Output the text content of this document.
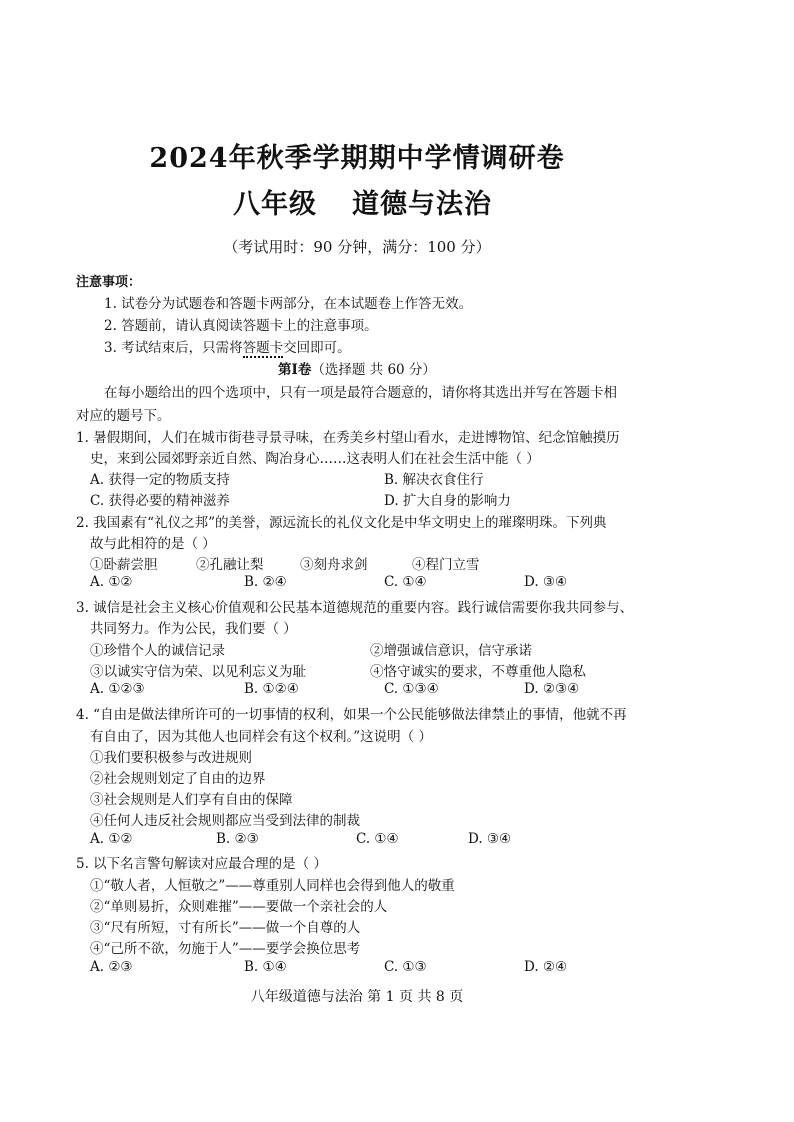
2024年秋季学期期中学情调研卷
八年级 道德与法治
（考试用时：90 分钟，满分：100 分）
注意事项：
1. 试卷分为试题卷和答题卡两部分，在本试题卷上作答无效。
2. 答题前，请认真阅读答题卡上的注意事项。
3. 考试结束后，只需将答题卡交回即可。
第Ⅰ卷（选择题 共 60 分）
在每小题给出的四个选项中，只有一项是最符合题意的，请你将其选出并写在答题卡相
对应的题号下。
1. 暑假期间，人们在城市街巷寻景寻味，在秀美乡村望山看水，走进博物馆、纪念馆触摸历
史，来到公园郊野亲近自然、陶冶身心……这表明人们在社会生活中能（ ）
A. 获得一定的物质支持	B. 解决衣食住行
C. 获得必要的精神滋养	D. 扩大自身的影响力
2. 我国素有“礼仪之邦”的美誉，源远流长的礼仪文化是中华文明史上的璀璨明珠。下列典
故与此相符的是（ ）
①卧薪尝胆	②孔融让梨	③刻舟求剑	④程门立雪
A. ①②	B. ②④	C. ①④	D. ③④
3. 诚信是社会主义核心价值观和公民基本道德规范的重要内容。践行诚信需要你我共同参与、
共同努力。作为公民，我们要（ ）
①珍惜个人的诚信记录	②增强诚信意识，信守承诺
③以诚实守信为荣、以见利忘义为耻	④恪守诚实的要求，不尊重他人隐私
A. ①②③	B. ①②④	C. ①③④	D. ②③④
4. “自由是做法律所许可的一切事情的权利，如果一个公民能够做法律禁止的事情，他就不再
有自由了，因为其他人也同样会有这个权利。”这说明（ ）
①我们要积极参与改进规则
②社会规则划定了自由的边界
③社会规则是人们享有自由的保障
④任何人违反社会规则都应当受到法律的制裁
A. ①②	B. ②③	C. ①④	D. ③④
5. 以下名言警句解读对应最合理的是（ ）
①“敬人者，人恒敬之”——尊重别人同样也会得到他人的敬重
②“单则易折，众则难摧”——要做一个亲社会的人
③“尺有所短，寸有所长”——做一个自尊的人
④“己所不欲，勿施于人”——要学会换位思考
A. ②③	B. ①④	C. ①③	D. ②④
八年级道德与法治 第 1 页 共 8 页
